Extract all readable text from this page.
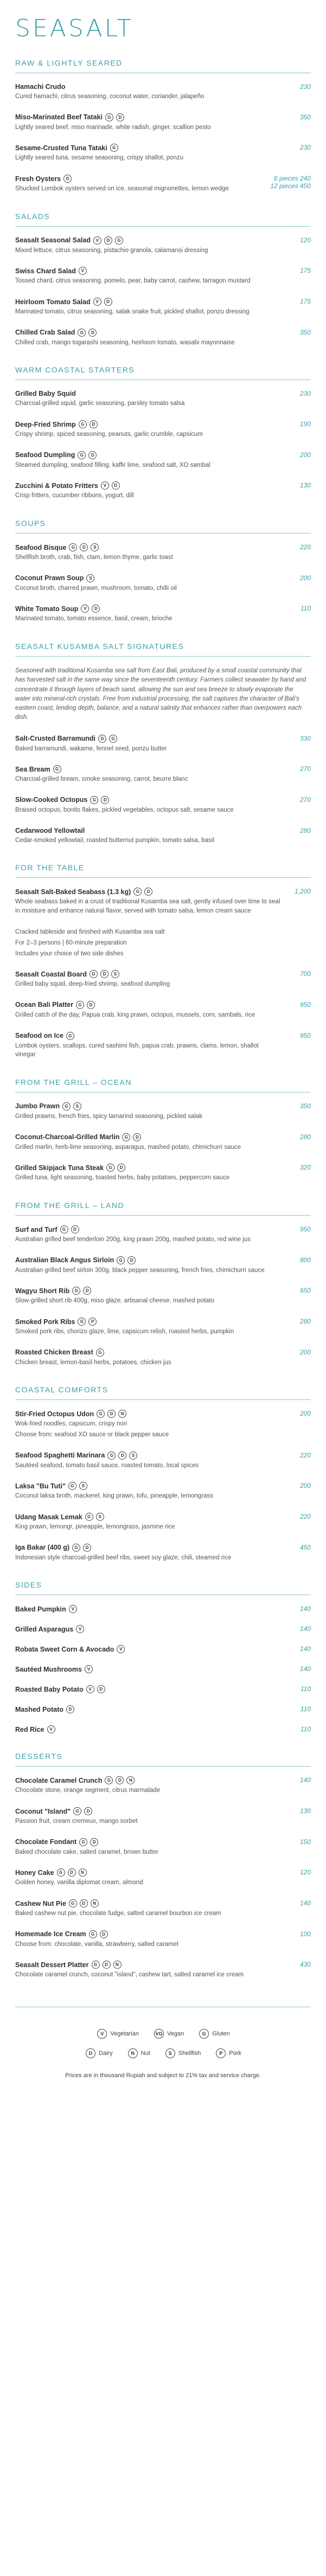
SEASALT
RAW & LIGHTLY SEARED
Hamachi Crudo
Cured hamachi, citrus seasoning, coconut water, coriander, jalapeño
230
Miso-Marinated Beef Tataki	G	D
Lightly seared beef, miso marinade, white radish, ginger, scallion pesto
350
Sesame-Crusted Tuna Tataki	G
Lightly seared tuna, sesame seasoning, crispy shallot, ponzu
230
Fresh Oysters	G
Shucked Lombok oysters served on ice, seasonal mignonettes, lemon wedge
6 pieces 240
12 pieces 450
SALADS
Seasalt Seasonal Salad	V	D	G
Mixed lettuce, citrus seasoning, pistachio granola, calamansi dressing
120
Swiss Chard Salad	V
Tossed chard, citrus seasoning, pomelo, pear, baby carrot, cashew, tarragon mustard
175
Heirloom Tomato Salad	V	D
Marinated tomato, citrus seasoning, salak snake fruit, pickled shallot, ponzu dressing
175
Chilled Crab Salad	G	D
Chilled crab, mango togarashi seasoning, heirloom tomato, wasabi mayonnaise
350
WARM COASTAL STARTERS
Grilled Baby Squid
Charcoal-grilled squid, garlic seasoning, parsley tomato salsa
230
Deep-Fried Shrimp	G	D
Crispy shrimp, spiced seasoning, peanuts, garlic crumble, capsicum
190
Seafood Dumpling	G	D
Steamed dumpling, seafood filling, kaffir lime, seafood salt, XO sambal
200
Zucchini & Potato Fritters	V	D
Crisp fritters, cucumber ribbons, yogurt, dill
130
SOUPS
Seafood Bisque	G	D	S
Shellfish broth, crab, fish, clam, lemon thyme, garlic toast
220
Coconut Prawn Soup	S
Coconut broth, charred prawn, mushroom, tomato, chilli oil
200
White Tomato Soup	V	D
Marinated tomato, tomato essence, basil, cream, brioche
110
SEASALT KUSAMBA SALT SIGNATURES
Seasoned with traditional Kusamba sea salt from East Bali, produced by a small coastal community that has harvested salt in the same way since the seventeenth century. Farmers collect seawater by hand and concentrate it through layers of beach sand, allowing the sun and sea breeze to slowly evaporate the water into mineral-rich crystals. Free from industrial processing, the salt captures the character of Bali's eastern coast, lending depth, balance, and a natural salinity that enhances rather than overpowers each dish.
Salt-Crusted Barramundi	D	G
Baked barramundi, wakame, fennel seed, ponzu butter
330
Sea Bream	G
Charcoal-grilled bream, smoke seasoning, carrot, beurre blanc
270
Slow-Cooked Octopus	G	D
Braised octopus, bonito flakes, pickled vegetables, octopus salt, sesame sauce
270
Cedarwood Yellowtail
Cedar-smoked yellowtail, roasted butternut pumpkin, tomato salsa, basil
280
FOR THE TABLE
Seasalt Salt-Baked Seabass (1.3 kg)	G	D
Whole seabass baked in a crust of traditional Kusamba sea salt, gently infused over time to seal in moisture and enhance natural flavor, served with tomato salsa, lemon cream sauce

Cracked tableside and finished with Kusamba sea salt
For 2–3 persons | 60-minute preparation
Includes your choice of two side dishes
1,200
Seasalt Coastal Board	G	D	S
Grilled baby squid, deep-fried shrimp, seafood dumpling
700
Ocean Bali Platter	G	D
Grilled catch of the day, Papua crab, king prawn, octopus, mussels, corn, sambals, rice
950
Seafood on Ice	G
Lombok oysters, scallops, cured sashimi fish, papua crab, prawns, clams, lemon, shallot vinegar
950
FROM THE GRILL – OCEAN
Jumbo Prawn	G	S
Grilled prawns, french fries, spicy tamarind seasoning, pickled salak
350
Coconut-Charcoal-Grilled Marlin	G	D
Grilled marlin, herb-lime seasoning, asparagus, mashed potato, chimichurri sauce
280
Grilled Skipjack Tuna Steak	G	D
Grilled tuna, light seasoning, toasted herbs, baby potatoes, peppercorn sauce
320
FROM THE GRILL – LAND
Surf and Turf	G	D
Australian grilled beef tenderloin 200g, king prawn 200g, mashed potato, red wine jus
950
Australian Black Angus Sirloin	G	D
Australian grilled beef sirloin 300g, black pepper seasoning, french fries, chimichurri sauce
800
Wagyu Short Rib	G	D
Slow-grilled short rib 400g, miso glaze, artisanal cheese, mashed potato
650
Smoked Pork Ribs	G	P
Smoked pork ribs, chorizo glaze, lime, capsicum relish, roasted herbs, pumpkin
280
Roasted Chicken Breast	G
Chicken breast, lemon-basil herbs, potatoes, chicken jus
200
COASTAL COMFORTS
Stir-Fried Octopus Udon	G	D	N
Wok-fried noodles, capsicum, crispy nori
Choose from: seafood XO sauce or black pepper sauce
200
Seafood Spaghetti Marinara	G	D	S
Sautéed seafood, tomato basil sauce, roasted tomato, local spices
220
Laksa "Bu Tuti"	G	S
Coconut laksa broth, mackerel, king prawn, tofu, pineapple, lemongrass
200
Udang Masak Lemak	G	S
King prawn, lemongr, pineapple, lemongrass, jasmine rice
220
Iga Bakar (400 g)	G	D
Indonesian style charcoal-grilled beef ribs, sweet soy glaze, chili, steamed rice
450
SIDES
Baked Pumpkin	V	140
Grilled Asparagus	V	140
Robata Sweet Corn & Avocado	V	140
Sautéed Mushrooms	V	140
Roasted Baby Potato	V	D	110
Mashed Potato	D	110
Red Rice	V	110
DESSERTS
Chocolate Caramel Crunch	G	D	N
Chocolate stone, orange segment, citrus marmalade
140
Coconut "Island"	G	D
Passion fruit, cream cremeux, mango sorbet
130
Chocolate Fondant	G	D
Baked chocolate cake, salted caramel, brown butter
150
Honey Cake	G	D	N
Golden honey, vanilla diplomat cream, almond
120
Cashew Nut Pie	G	D	N
Baked cashew nut pie, chocolate fudge, salted caramel bourbon ice cream
140
Homemade Ice Cream	G	D
Choose from: chocolate, vanilla, strawberry, salted caramel
100
Seasalt Dessert Platter	G	D	N
Chocolate caramel crunch, coconut "island", cashew tart, salted caramel ice cream
430
V	Vegetarian	VG Vegan	G	Gluten
D	Dairy	N	Nut	S	Shellfish	P	Pork
Prices are in thousand Rupiah and subject to 21% tax and service charge.
